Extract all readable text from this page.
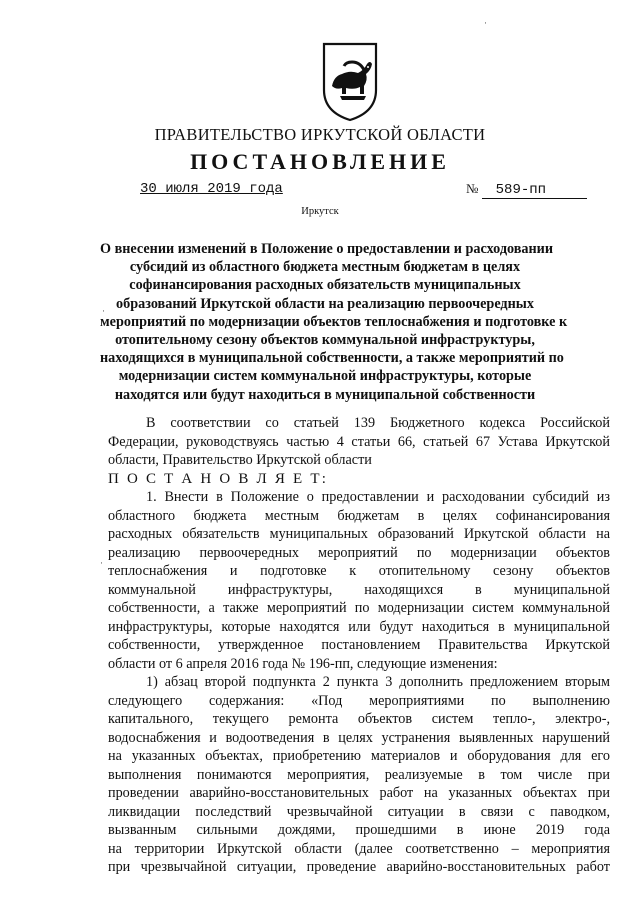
ПРАВИТЕЛЬСТВО ИРКУТСКОЙ ОБЛАСТИ
ПОСТАНОВЛЕНИЕ
30 июля 2019 года	№ 589-пп
Иркутск
О внесении изменений в Положение о предоставлении и расходовании
субсидий из областного бюджета местным бюджетам в целях
софинансирования расходных обязательств муниципальных
образований Иркутской области на реализацию первоочередных
мероприятий по модернизации объектов теплоснабжения и подготовке к
отопительному сезону объектов коммунальной инфраструктуры,
находящихся в муниципальной собственности, а также мероприятий по
модернизации систем коммунальной инфраструктуры, которые
находятся или будут находиться в муниципальной собственности
В соответствии со статьей 139 Бюджетного кодекса Российской
Федерации, руководствуясь частью 4 статьи 66, статьей 67 Устава Иркутской
области, Правительство Иркутской области
П О С Т А Н О В Л Я Е Т:
1. Внести в Положение о предоставлении и расходовании субсидий из
областного бюджета местным бюджетам в целях софинансирования
расходных обязательств муниципальных образований Иркутской области на
реализацию первоочередных мероприятий по модернизации объектов
теплоснабжения и подготовке к отопительному сезону объектов
коммунальной инфраструктуры, находящихся в муниципальной
собственности, а также мероприятий по модернизации систем коммунальной
инфраструктуры, которые находятся или будут находиться в муниципальной
собственности, утвержденное постановлением Правительства Иркутской
области от 6 апреля 2016 года № 196-пп, следующие изменения:
1) абзац второй подпункта 2 пункта 3 дополнить предложением вторым
следующего содержания: «Под мероприятиями по выполнению
капитального, текущего ремонта объектов систем тепло-, электро-,
водоснабжения и водоотведения в целях устранения выявленных нарушений
на указанных объектах, приобретению материалов и оборудования для его
выполнения понимаются мероприятия, реализуемые в том числе при
проведении аварийно-восстановительных работ на указанных объектах при
ликвидации последствий чрезвычайной ситуации в связи с паводком,
вызванным сильными дождями, прошедшими в июне 2019 года
на территории Иркутской области (далее соответственно – мероприятия
при чрезвычайной ситуации, проведение аварийно-восстановительных работ
·
·
·
